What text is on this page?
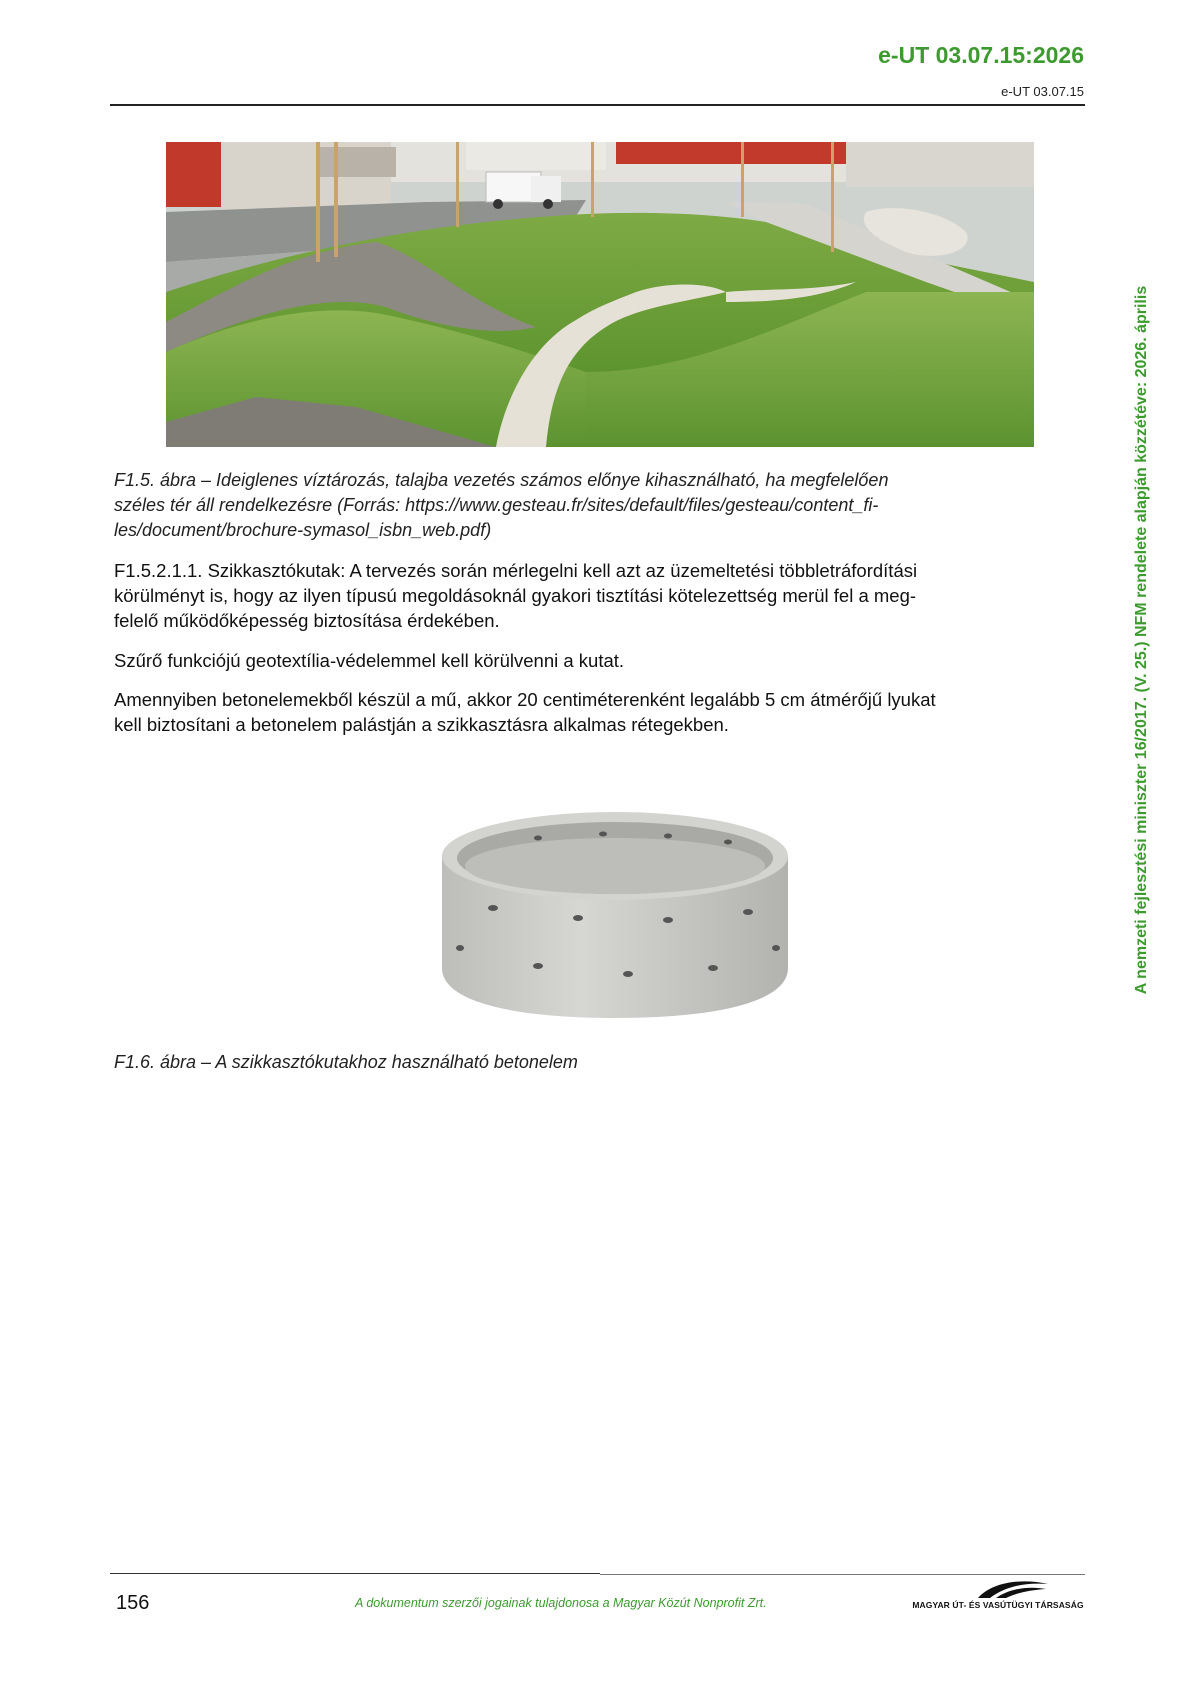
e-UT 03.07.15:2026
e-UT 03.07.15
A nemzeti fejlesztési miniszter 16/2017. (V. 25.) NFM rendelete alapján közzétéve: 2026. április
F1.5. ábra – Ideiglenes víztározás, talajba vezetés számos előnye kihasználható, ha megfelelően
széles tér áll rendelkezésre (Forrás: https://www.gesteau.fr/sites/default/files/gesteau/content_fi-
les/document/brochure-symasol_isbn_web.pdf)
F1.5.2.1.1. Szikkasztókutak: A tervezés során mérlegelni kell azt az üzemeltetési többletráfordítási
körülményt is, hogy az ilyen típusú megoldásoknál gyakori tisztítási kötelezettség merül fel a meg-
felelő működőképesség biztosítása érdekében.
Szűrő funkciójú geotextília-védelemmel kell körülvenni a kutat.
Amennyiben betonelemekből készül a mű, akkor 20 centiméterenként legalább 5 cm átmérőjű lyukat
kell biztosítani a betonelem palástján a szikkasztásra alkalmas rétegekben.
F1.6. ábra – A szikkasztókutakhoz használható betonelem
156	A dokumentum szerzői jogainak tulajdonosa a Magyar Közút Nonprofit Zrt.	MAGYAR ÚT- ÉS VASÚTÜGYI TÁRSASÁG
